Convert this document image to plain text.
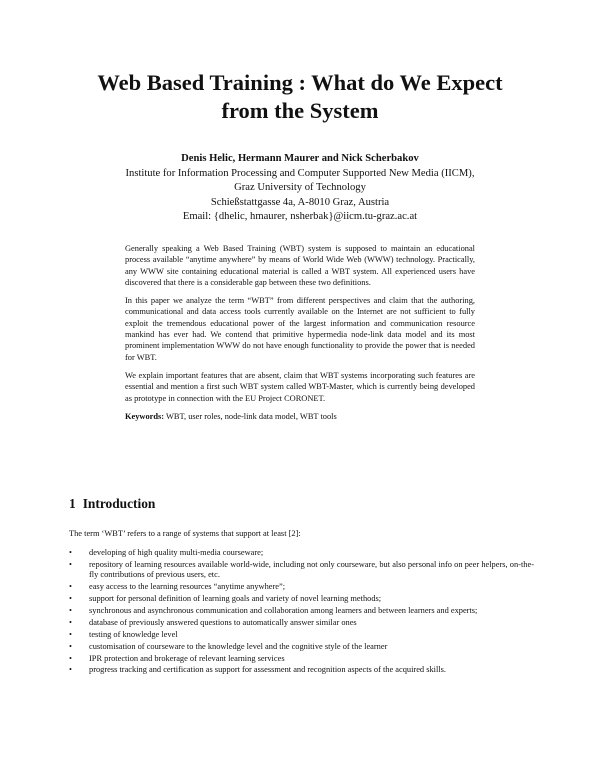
Web Based Training : What do We Expect
from the System
Denis Helic, Hermann Maurer and Nick Scherbakov
Institute for Information Processing and Computer Supported New Media (IICM),
Graz University of Technology
Schießstattgasse 4a, A-8010 Graz, Austria
Email: {dhelic, hmaurer, nsherbak}@iicm.tu-graz.ac.at

Generally speaking a Web Based Training (WBT) system is supposed to maintain an educational process available “anytime anywhere” by means of World Wide Web (WWW) technology. Practically, any WWW site containing educational material is called a WBT system. All experienced users have discovered that there is a considerable gap between these two definitions.

In this paper we analyze the term “WBT” from different perspectives and claim that the authoring, communicational and data access tools currently available on the Internet are not sufficient to fully exploit the tremendous educational power of the largest information and communication resource mankind has ever had. We contend that primitive hypermedia node-link data model and its most prominent implementation WWW do not have enough functionality to provide the power that is needed for WBT.

We explain important features that are absent, claim that WBT systems incorporating such features are essential and mention a first such WBT system called WBT-Master, which is currently being developed as prototype in connection with the EU Project CORONET.

Keywords: WBT, user roles, node-link data model, WBT tools
1 Introduction

The term ‘WBT’ refers to a range of systems that support at least [2]:

• developing of high quality multi-media courseware;
• repository of learning resources available world-wide, including not only courseware, but also personal info on peer helpers, on-the-fly contributions of previous users, etc.
• easy access to the learning resources “anytime anywhere”;
• support for personal definition of learning goals and variety of novel learning methods;
• synchronous and asynchronous communication and collaboration among learners and between learners and experts;
• database of previously answered questions to automatically answer similar ones
• testing of knowledge level
• customisation of courseware to the knowledge level and the cognitive style of the learner
• IPR protection and brokerage of relevant learning services
• progress tracking and certification as support for assessment and recognition aspects of the acquired skills.
